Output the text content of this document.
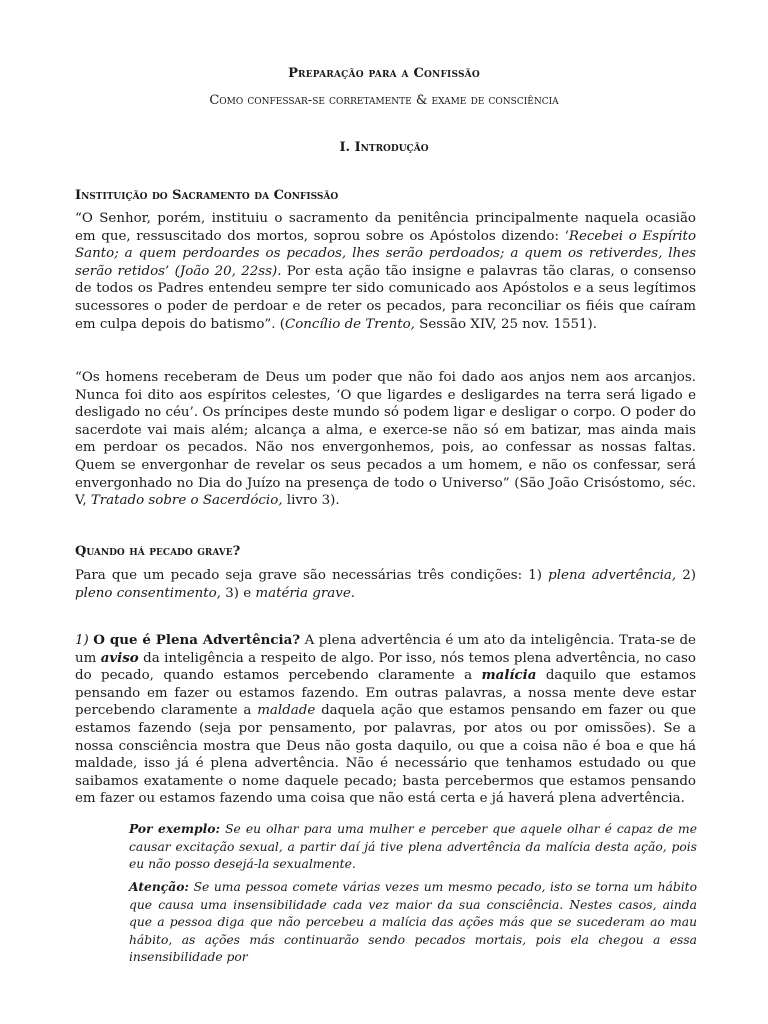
Preparação para a Confissão
Como confessar-se corretamente & exame de consciência
I. Introdução
Instituição do Sacramento da Confissão
“O Senhor, porém, instituiu o sacramento da penitência principalmente naquela ocasião em que, ressuscitado dos mortos, soprou sobre os Apóstolos dizendo: ‘Recebei o Espírito Santo; a quem perdoardes os pecados, lhes serão perdoados; a quem os retiverdes, lhes serão retidos’ (João 20, 22ss). Por esta ação tão insigne e palavras tão claras, o consenso de todos os Padres entendeu sempre ter sido comunicado aos Apóstolos e a seus legítimos sucessores o poder de perdoar e de reter os pecados, para reconciliar os fiéis que caíram em culpa depois do batismo”. (Concílio de Trento, Sessão XIV, 25 nov. 1551).
“Os homens receberam de Deus um poder que não foi dado aos anjos nem aos arcanjos. Nunca foi dito aos espíritos celestes, ‘O que ligardes e desligardes na terra será ligado e desligado no céu’. Os príncipes deste mundo só podem ligar e desligar o corpo. O poder do sacerdote vai mais além; alcança a alma, e exerce-se não só em batizar, mas ainda mais em perdoar os pecados. Não nos envergonhemos, pois, ao confessar as nossas faltas. Quem se envergonhar de revelar os seus pecados a um homem, e não os confessar, será envergonhado no Dia do Juízo na presença de todo o Universo” (São João Crisóstomo, séc. V, Tratado sobre o Sacerdócio, livro 3).
Quando há pecado grave?
Para que um pecado seja grave são necessárias três condições: 1) plena advertência, 2) pleno consentimento, 3) e matéria grave.
1) O que é Plena Advertência? A plena advertência é um ato da inteligência. Trata-se de um aviso da inteligência a respeito de algo. Por isso, nós temos plena advertência, no caso do pecado, quando estamos percebendo claramente a malícia daquilo que estamos pensando em fazer ou estamos fazendo. Em outras palavras, a nossa mente deve estar percebendo claramente a maldade daquela ação que estamos pensando em fazer ou que estamos fazendo (seja por pensamento, por palavras, por atos ou por omissões). Se a nossa consciência mostra que Deus não gosta daquilo, ou que a coisa não é boa e que há maldade, isso já é plena advertência. Não é necessário que tenhamos estudado ou que saibamos exatamente o nome daquele pecado; basta percebermos que estamos pensando em fazer ou estamos fazendo uma coisa que não está certa e já haverá plena advertência.
Por exemplo: Se eu olhar para uma mulher e perceber que aquele olhar é capaz de me causar excitação sexual, a partir daí já tive plena advertência da malícia desta ação, pois eu não posso desejá-la sexualmente.
Atenção: Se uma pessoa comete várias vezes um mesmo pecado, isto se torna um hábito que causa uma insensibilidade cada vez maior da sua consciência. Nestes casos, ainda que a pessoa diga que não percebeu a malícia das ações más que se sucederam ao mau hábito, as ações más continuarão sendo pecados mortais, pois ela chegou a essa insensibilidade por
